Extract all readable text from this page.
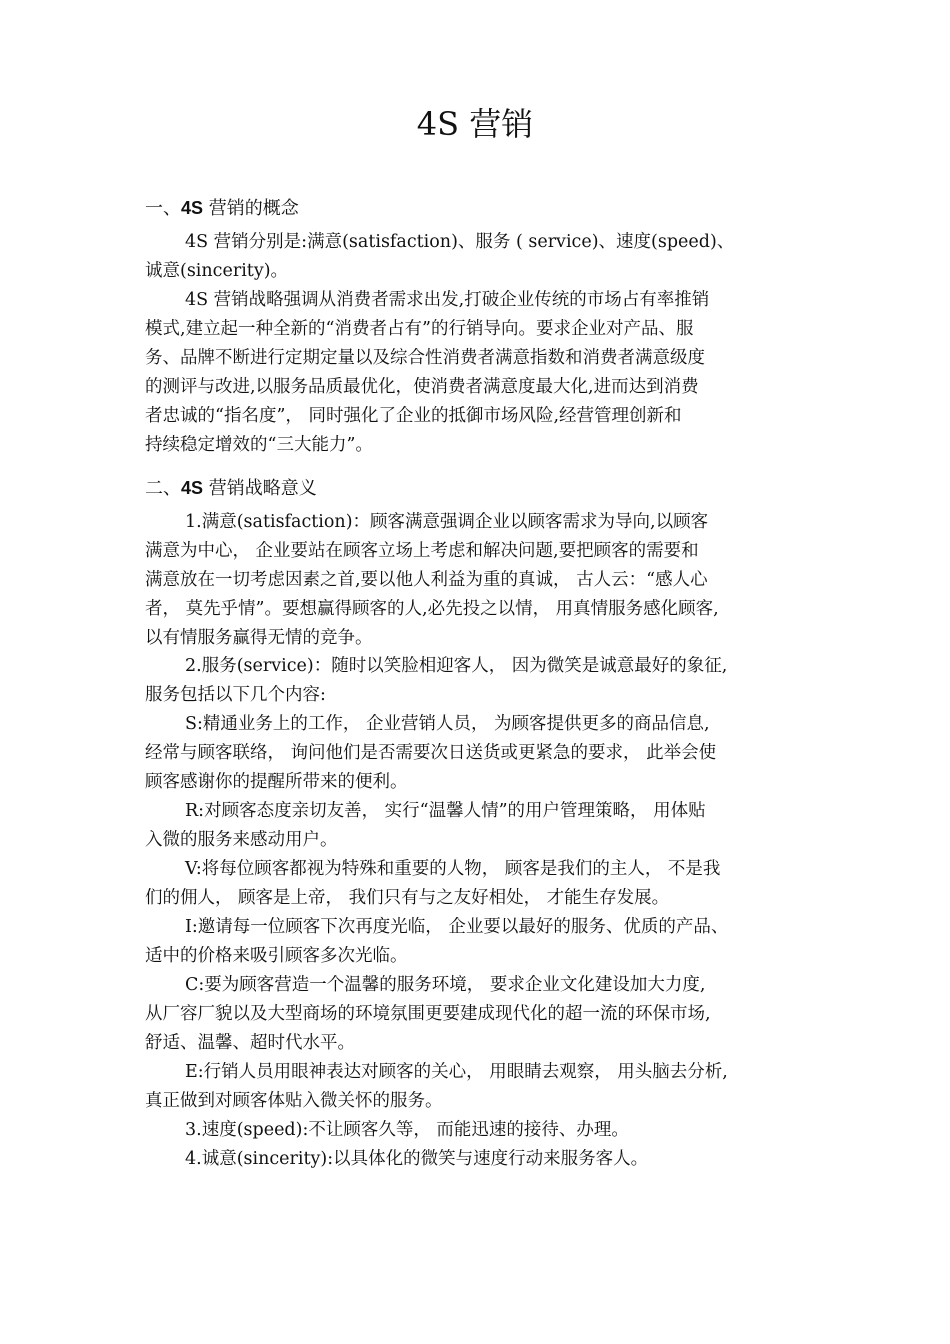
4S 营销
一、4S 营销的概念
4S 营销分别是:满意(satisfaction)、服务 ( service)、速度(speed)、
诚意(sincerity)。
4S 营销战略强调从消费者需求出发,打破企业传统的市场占有率推销
模式,建立起一种全新的“消费者占有”的行销导向。要求企业对产品、服
务、品牌不断进行定期定量以及综合性消费者满意指数和消费者满意级度
的测评与改进,以服务品质最优化，使消费者满意度最大化,进而达到消费
者忠诚的“指名度”， 同时强化了企业的抵御市场风险,经营管理创新和
持续稳定增效的“三大能力”。
二、4S 营销战略意义
1.满意(satisfaction)：顾客满意强调企业以顾客需求为导向,以顾客
满意为中心， 企业要站在顾客立场上考虑和解决问题,要把顾客的需要和
满意放在一切考虑因素之首,要以他人利益为重的真诚， 古人云：“感人心
者， 莫先乎情”。要想赢得顾客的人,必先投之以情， 用真情服务感化顾客,
以有情服务赢得无情的竞争。
2.服务(service)：随时以笑脸相迎客人， 因为微笑是诚意最好的象征,
服务包括以下几个内容:
S:精通业务上的工作， 企业营销人员， 为顾客提供更多的商品信息,
经常与顾客联络， 询问他们是否需要次日送货或更紧急的要求， 此举会使
顾客感谢你的提醒所带来的便利。
R:对顾客态度亲切友善， 实行“温馨人情”的用户管理策略， 用体贴
入微的服务来感动用户。
V:将每位顾客都视为特殊和重要的人物， 顾客是我们的主人， 不是我
们的佣人， 顾客是上帝， 我们只有与之友好相处， 才能生存发展。
I:邀请每一位顾客下次再度光临， 企业要以最好的服务、优质的产品、
适中的价格来吸引顾客多次光临。
C:要为顾客营造一个温馨的服务环境， 要求企业文化建设加大力度,
从厂容厂貌以及大型商场的环境氛围更要建成现代化的超一流的环保市场,
舒适、温馨、超时代水平。
E:行销人员用眼神表达对顾客的关心， 用眼睛去观察， 用头脑去分析,
真正做到对顾客体贴入微关怀的服务。
3.速度(speed):不让顾客久等， 而能迅速的接待、办理。
4.诚意(sincerity):以具体化的微笑与速度行动来服务客人。
